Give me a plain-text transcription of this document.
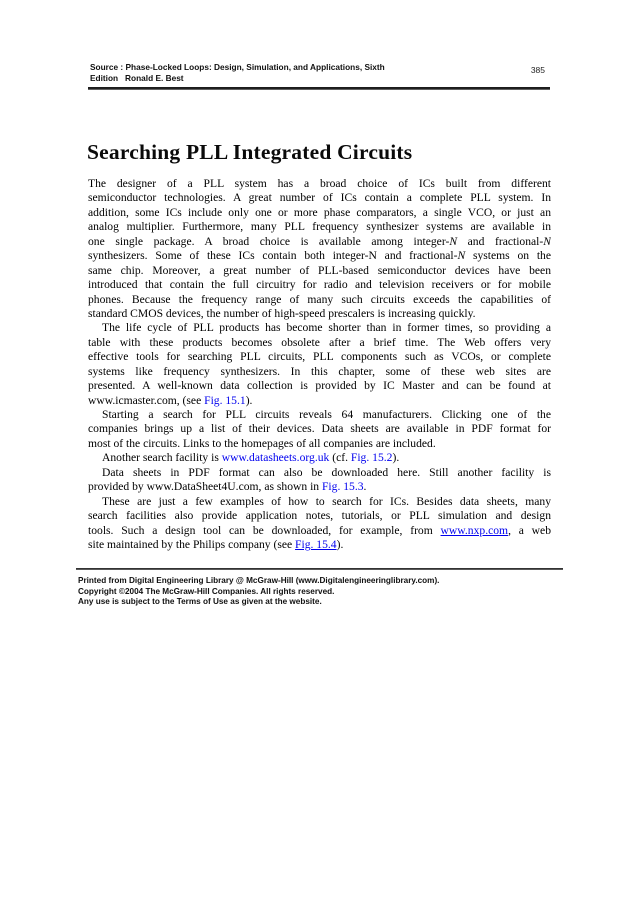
Source : Phase-Locked Loops: Design, Simulation, and Applications, Sixth
Edition   Ronald E. Best
385
Searching PLL Integrated Circuits
The designer of a PLL system has a broad choice of ICs built from different
semiconductor technologies. A great number of ICs contain a complete PLL system. In
addition, some ICs include only one or more phase comparators, a single VCO, or just an
analog multiplier. Furthermore, many PLL frequency synthesizer systems are available in
one single package. A broad choice is available among integer-N and fractional-N
synthesizers. Some of these ICs contain both integer-N and fractional-N systems on the
same chip. Moreover, a great number of PLL-based semiconductor devices have been
introduced that contain the full circuitry for radio and television receivers or for mobile
phones. Because the frequency range of many such circuits exceeds the capabilities of
standard CMOS devices, the number of high-speed prescalers is increasing quickly.
The life cycle of PLL products has become shorter than in former times, so providing a
table with these products becomes obsolete after a brief time. The Web offers very
effective tools for searching PLL circuits, PLL components such as VCOs, or complete
systems like frequency synthesizers. In this chapter, some of these web sites are
presented. A well-known data collection is provided by IC Master and can be found at
www.icmaster.com, (see Fig. 15.1).
Starting a search for PLL circuits reveals 64 manufacturers. Clicking one of the
companies brings up a list of their devices. Data sheets are available in PDF format for
most of the circuits. Links to the homepages of all companies are included.
Another search facility is www.datasheets.org.uk (cf. Fig. 15.2).
Data sheets in PDF format can also be downloaded here. Still another facility is
provided by www.DataSheet4U.com, as shown in Fig. 15.3.
These are just a few examples of how to search for ICs. Besides data sheets, many
search facilities also provide application notes, tutorials, or PLL simulation and design
tools. Such a design tool can be downloaded, for example, from www.nxp.com, a web
site maintained by the Philips company (see Fig. 15.4).
Printed from Digital Engineering Library @ McGraw-Hill (www.Digitalengineeringlibrary.com).
Copyright ©2004 The McGraw-Hill Companies. All rights reserved.
Any use is subject to the Terms of Use as given at the website.
